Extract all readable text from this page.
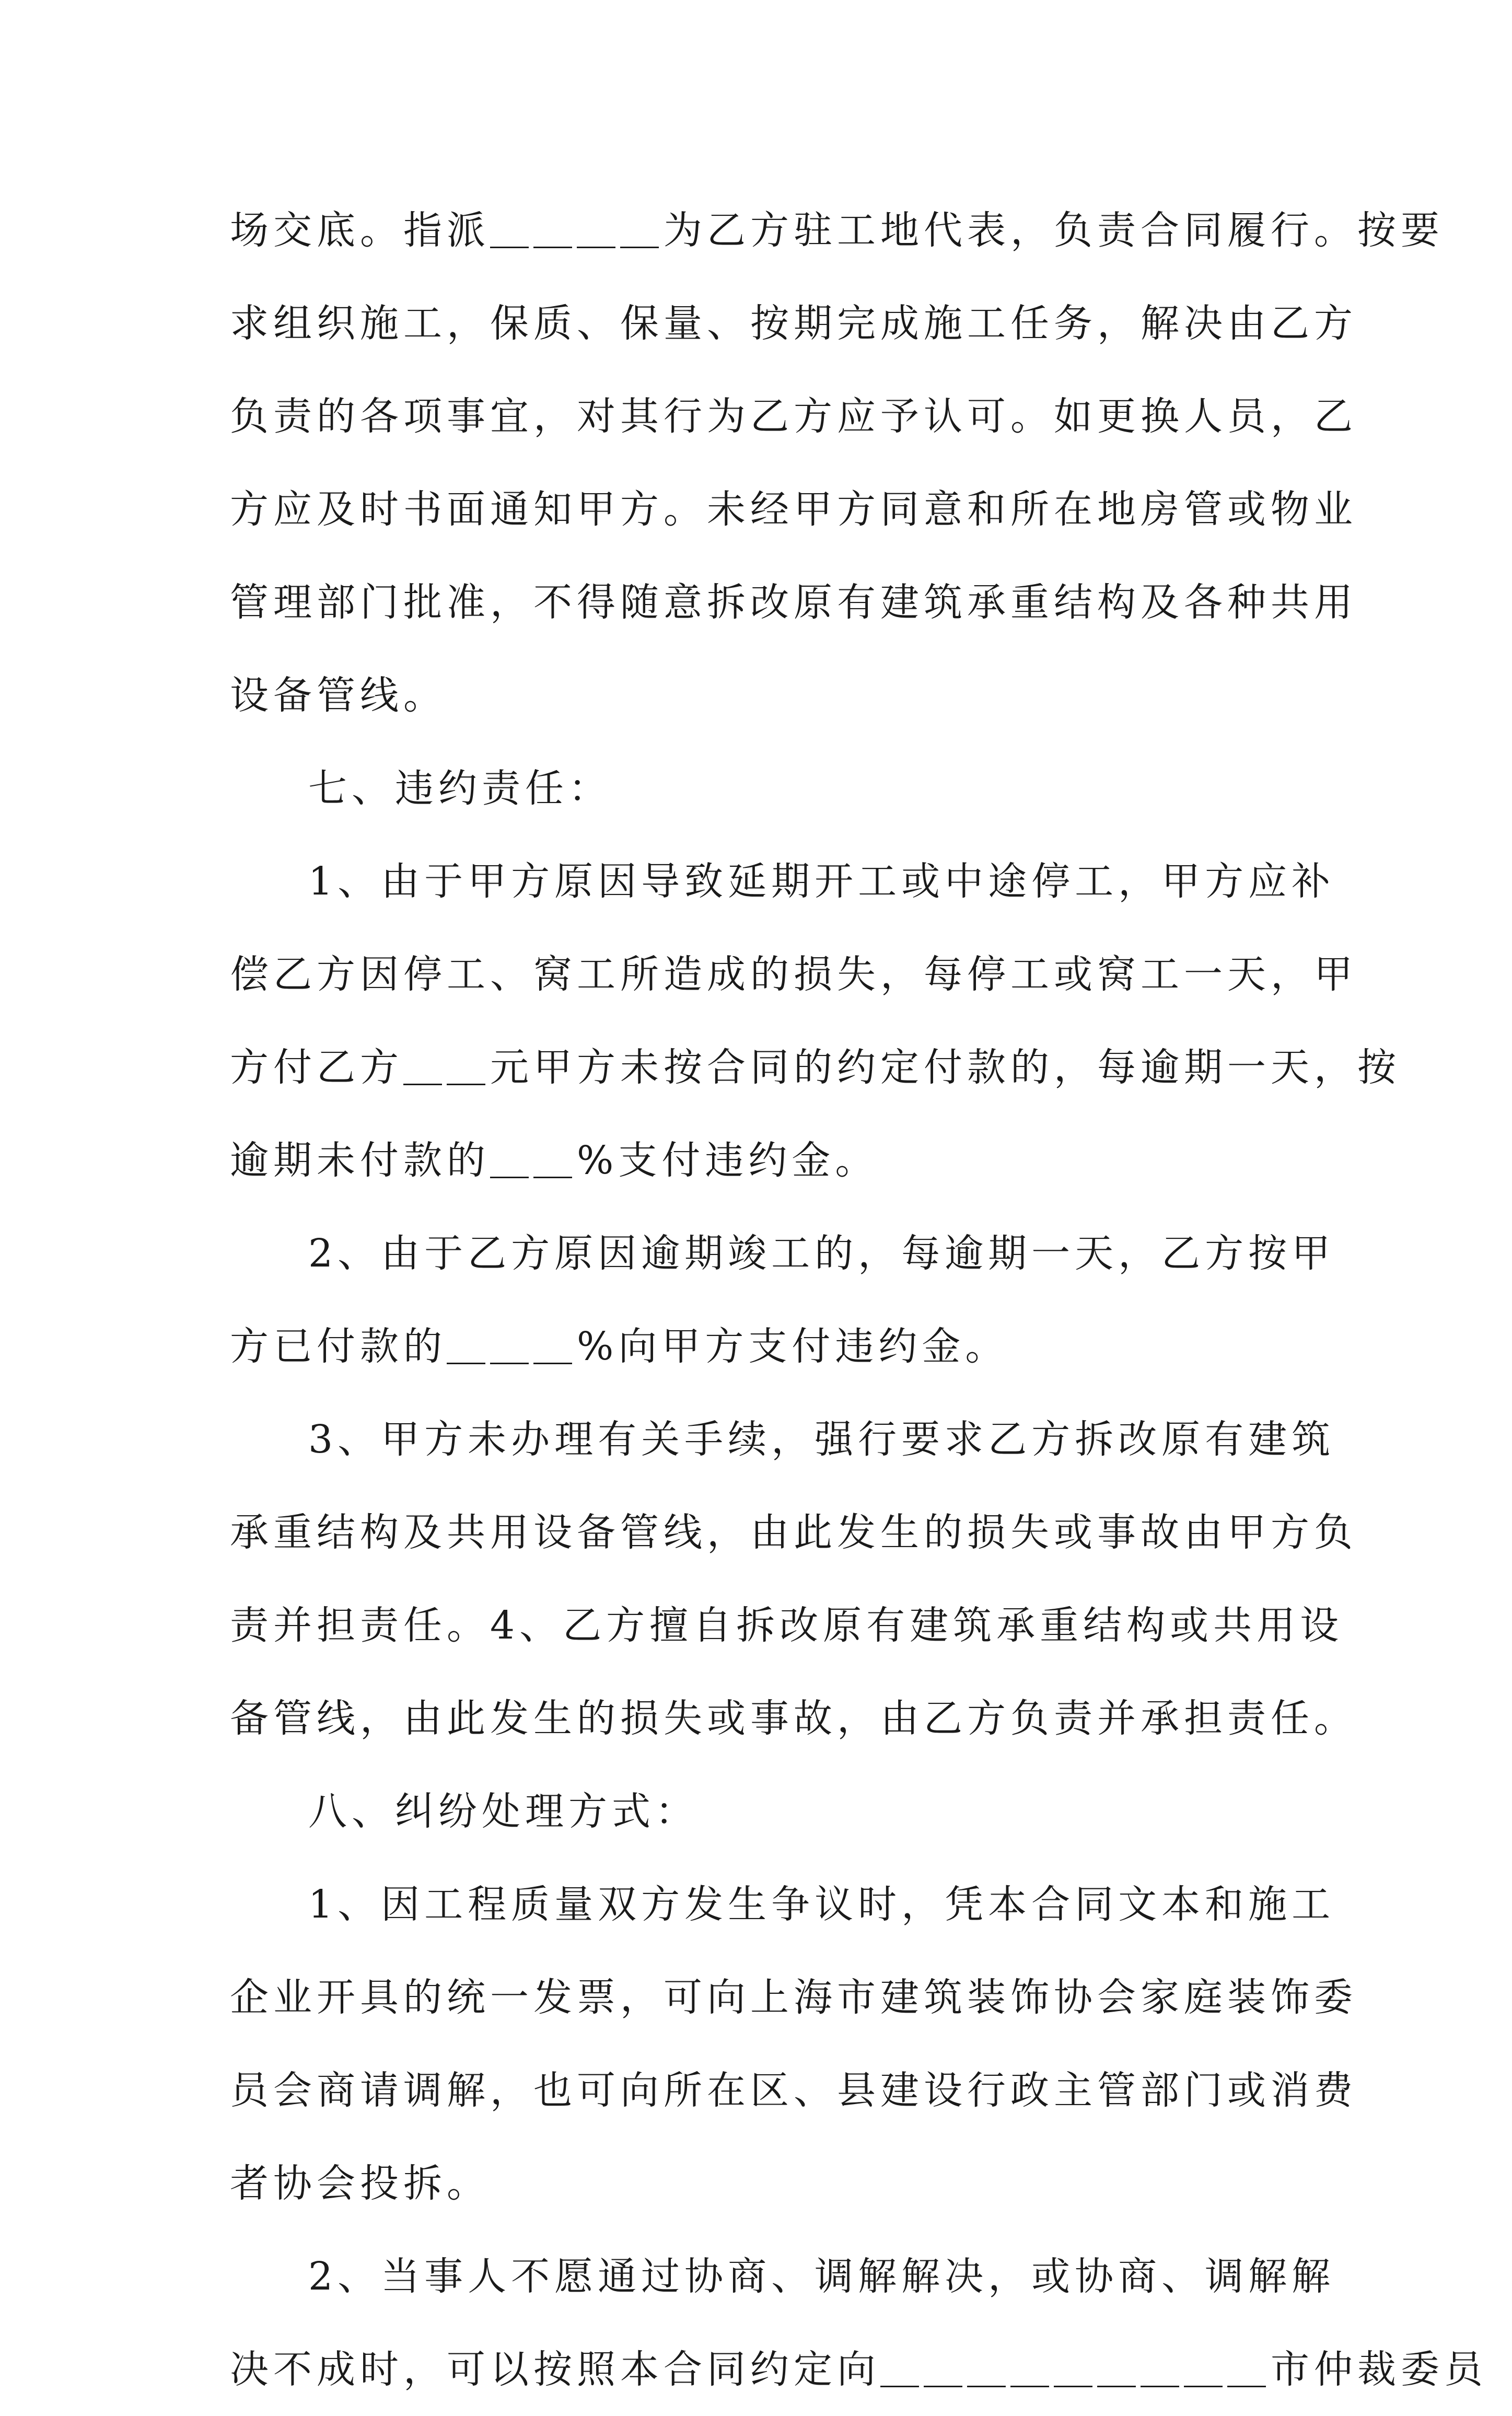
场交底。指派＿＿＿＿为乙方驻工地代表，负责合同履行。按要
求组织施工，保质、保量、按期完成施工任务，解决由乙方
负责的各项事宜，对其行为乙方应予认可。如更换人员，乙
方应及时书面通知甲方。未经甲方同意和所在地房管或物业
管理部门批准，不得随意拆改原有建筑承重结构及各种共用
设备管线。
七、违约责任：
1、由于甲方原因导致延期开工或中途停工，甲方应补
偿乙方因停工、窝工所造成的损失，每停工或窝工一天，甲
方付乙方＿＿元甲方未按合同的约定付款的，每逾期一天，按
逾期未付款的＿＿%支付违约金。
2、由于乙方原因逾期竣工的，每逾期一天，乙方按甲
方已付款的＿＿＿%向甲方支付违约金。
3、甲方未办理有关手续，强行要求乙方拆改原有建筑
承重结构及共用设备管线，由此发生的损失或事故由甲方负
责并担责任。4、乙方擅自拆改原有建筑承重结构或共用设
备管线，由此发生的损失或事故，由乙方负责并承担责任。
八、纠纷处理方式：
1、因工程质量双方发生争议时，凭本合同文本和施工
企业开具的统一发票，可向上海市建筑装饰协会家庭装饰委
员会商请调解，也可向所在区、县建设行政主管部门或消费
者协会投拆。
2、当事人不愿通过协商、调解解决，或协商、调解解
决不成时，可以按照本合同约定向＿＿＿＿＿＿＿＿＿市仲裁委员
